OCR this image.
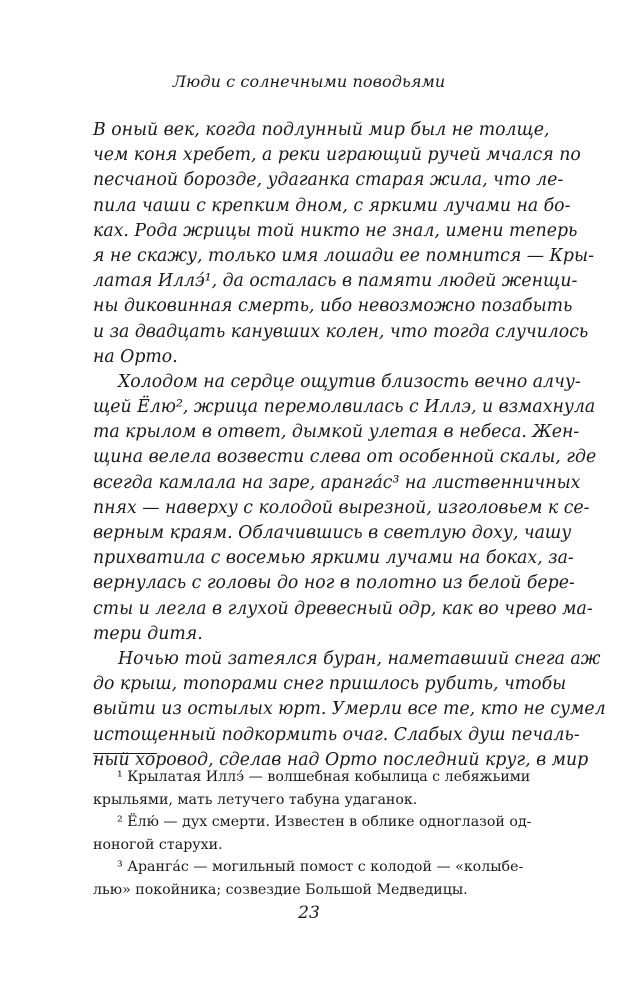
Люди с солнечными поводьями
В оный век, когда подлунный мир был не толще,
чем коня хребет, а реки играющий ручей мчался по
песчаной борозде, удаганка старая жила, что ле-
пила чаши с крепким дном, с яркими лучами на бо-
ках. Рода жрицы той никто не знал, имени теперь
я не скажу, только имя лошади ее помнится — Кры-
латая Иллэ́¹, да осталась в памяти людей женщи-
ны диковинная смерть, ибо невозможно позабыть
и за двадцать канувших колен, что тогда случилось
на Орто.
Холодом на сердце ощутив близость вечно алчу-
щей Ёлю², жрица перемолвилась с Иллэ, и взмахнула
та крылом в ответ, дымкой улетая в небеса. Жен-
щина велела возвести слева от особенной скалы, где
всегда камлала на заре, арангáс³ на лиственничных
пнях — наверху с колодой вырезной, изголовьем к се-
верным краям. Облачившись в светлую доху, чашу
прихватила с восемью яркими лучами на боках, за-
вернулась с головы до ног в полотно из белой бере-
сты и легла в глухой древесный одр, как во чрево ма-
тери дитя.
Ночью той затеялся буран, наметавший снега аж
до крыш, топорами снег пришлось рубить, чтобы
выйти из остылых юрт. Умерли все те, кто не сумел
истощенный подкормить очаг. Слабых душ печаль-
ный хоровод, сделав над Орто последний круг, в мир
¹ Крылатая Иллэ́ — волшебная кобылица с лебяжьими
крыльями, мать летучего табуна удаганок.
² Ёлю́ — дух смерти. Известен в облике одноглазой од-
ноногой старухи.
³ Арангáс — могильный помост с колодой — «колыбе-
лью» покойника; созвездие Большой Медведицы.
23
